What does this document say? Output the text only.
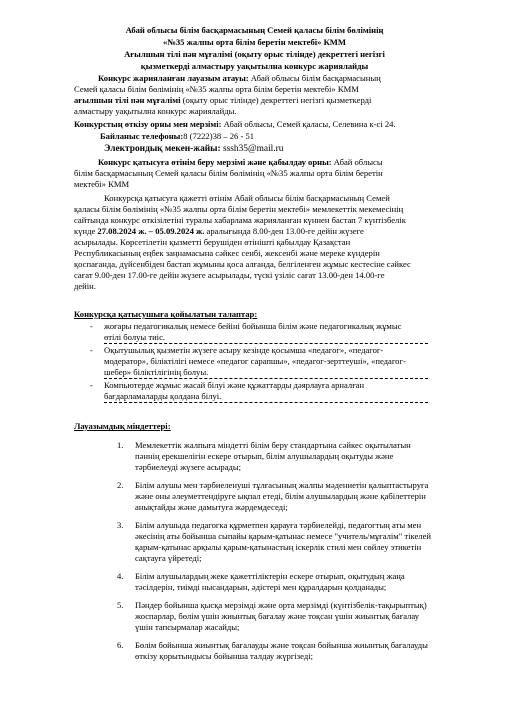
Абай облысы білім басқармасының Семей қаласы білім бөлімінің
«№35 жалпы орта білім беретін мектебі» КММ
Ағылшын тілі пән мұғалімі (оқыту орыс тілінде) декреттегі негізгі
қызметкерді алмастыру уақытылна конкурс жариялайды
Конкурс жарияланған лауазым атауы: Абай облысы білім басқармасының
Семей қаласы білім бөлімінің «№35 жалпы орта білім беретін мектебі» КММ
ағылшын тілі пән мұғалімі (оқыту орыс тілінде) декреттегі негізгі қызметкерді
алмастыру уақытылна конкурс жариялайды.
Конкурстың өткізу орны мен мерзімі: Абай облысы, Семей қаласы, Селевина к-сі 24.
Байланыс телефоны:8 (7222)38 – 26 - 51
Электрондық мекен-жайы: sssh35@mail.ru
Конкурс қатысуға өтінім беру мерзімі және қабылдау орны: Абай облысы
білім басқармасының Семей қаласы білім бөлімінің «№35 жалпы орта білім беретін
мектебі» КММ
Конкурсқа қатысуға қажетті өтінім Абай облысы білім басқармасының Семей
қаласы білім бөлімінің «№35 жалпы орта білім беретін мектебі» мемлекеттік мекемесінің
сайтында конкурс өткізілетіні туралы хабарлама жарияланған күннен бастап 7 күнтізбелік
күнде 27.08.2024 ж. – 05.09.2024 ж. аралығында 8.00-ден 13.00-ге дейін жүзеге
асырылады. Көрсетілетін қызметті берушіден өтінішті қабылдау Қазақстан
Республикасының еңбек заңнамасына сәйкес сенбі, жексенбі және мереке күндерін
қоспағанда, дүйсенбіден бастап жұмыны қоса алғанда, белгіленген жұмыс кестесіне сәйкес
сағат 9.00-ден 17.00-ге дейін жүзеге асырылады, түскі үзіліс сағат 13.00-ден 14.00-ге
дейін.
Конкурсқа қатысушыға қойылатын талаптар:
- жоғары педагогикалық немесе бейіні бойынша білім және педагогикалық жұмыс
өтілі болуы тиіс.
- Оқытушылық қызметін жүзеге асыру кезінде қосымша «педагог», «педагог-
модератор», біліктілігі немесе «педагог сарапшы», «педагог-зерттеуші», «педагог-
шебер» біліктілігінің болуы.
- Компьютерде жұмыс жасай білуі және құжаттарды дәярлауға арналған
бағдарламаларды қолдана білуі.
Лауазымдық міндеттері:
1. Мемлекеттік жалпыға міндетті білім беру стандартына сәйкес оқытылатын
пәннің ерекшелігін ескере отырып, білім алушылардың оқытуды және
тәрбиелеуді жүзеге асырады;
2. Білім алушы мен тәрбиеленуші тұлғасының жалпы мәдениетін қалыптастыруға
және оны әлеуметтендіруге ықпал етеді, білім алушылардың және қабілеттерін
анықтайды және дамытуға жәрдемдеседі;
3. Білім алушыда педагогка құрметпен қарауға тәрбиелейді, педагогтың аты мен
әкесінің аты бойынша сыпайы қарым-қатынас немесе "учитель/мұғалім" тікелей
қарым-қатынас арқылы қарым-қатынастың іскерлік стилі мен сөйлеу этикетін
сақтауға үйретеді;
4. Білім алушылардың жеке қажеттіліктерін ескере отырып, оқытудың жаңа
тәсілдерін, тиімді нысандарын, әдістері мен құралдарын қолданады;
5. Пәндер бойынша қысқа мерзімді және орта мерзімді (күнтізбелік-тақырыптық)
жоспарлар, бөлім үшін жиынтық бағалау және тоқсан үшін жиынтық бағалау
үшін тапсырмалар жасайды;
6. Бөлім бойынша жиынтық бағалауды және тоқсан бойынша жиынтық бағалауды
өткізу қорытындысы бойынша талдау жүргізеді;
